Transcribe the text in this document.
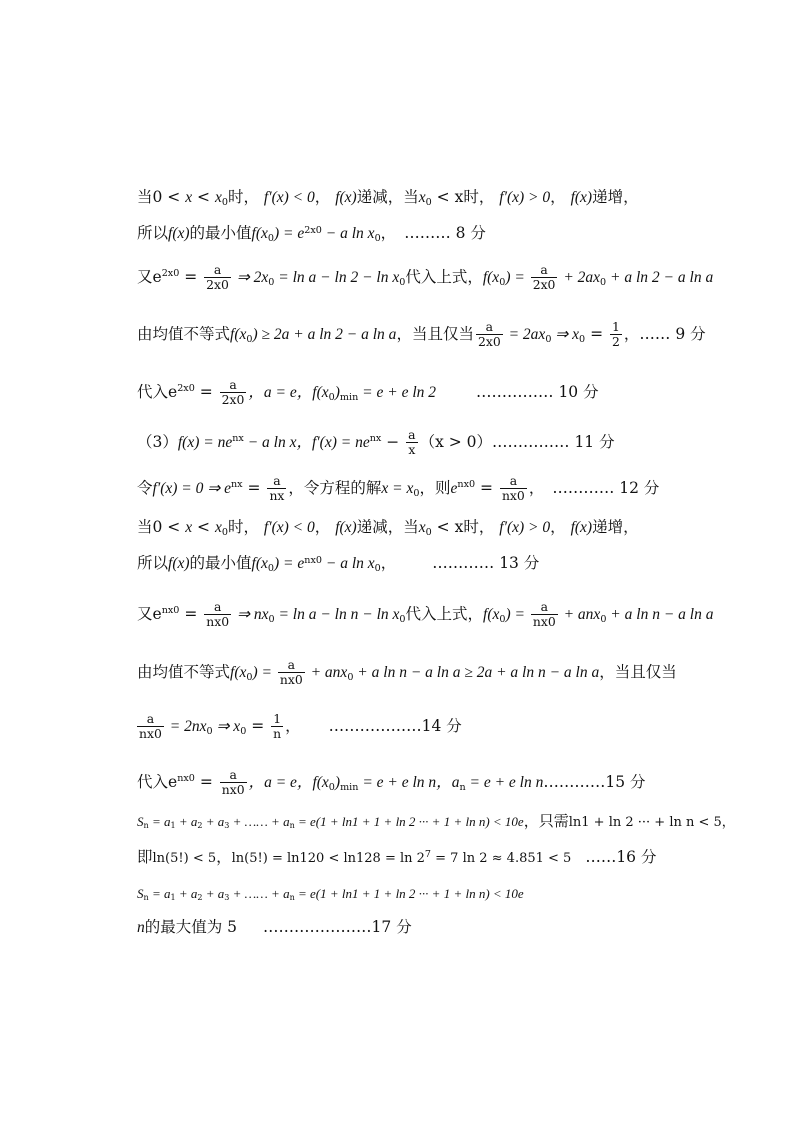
当0 < x < x0时， f′(x) < 0， f(x)递减，当x0 < x时， f′(x) > 0， f(x)递增，
所以f(x)的最小值$f(x0) = e^{2x0} - a$ ln x0， ……… 8 分
又$e^{2x0} = \frac{a}{2x0}$ ⇒ 2x0 = ln a − ln 2 − ln x0代入上式，$f(x0) = \frac{a}{2x0} + 2ax0 + a$ ln 2 − a ln a
由均值不等式f(x0) ≥ 2a + a ln 2 − a ln a，当且仅当 $\frac{a}{2x0} = 2ax0$ ⇒ $x0 = \frac{1}{2}$ ，…… 9 分
代入$e^{2x0} = \frac{a}{2x0}$ ，a = e，f(x0)min = e + e ln 2	…………… 10 分
$(3)f(x) = ne^{nx} - a$ ln x，$f'(x) = ne^{nx} - \frac{a}{x} (x$ > 0）…………… 11 分
令f′(x) = 0 ⇒ $e^{nx} = \frac{a}{nx}$ ，令方程的解x = x0，则$e^{nx0} = \frac{a}{nx0}$ ， ………… 12 分
当0 < x < x0时， f′(x) < 0， f(x)递减，当x0 < x时， f′(x) > 0， f(x)递增，
所以f(x)的最小值$f(x0) = e^{nx0} - a$ ln x0， ………… 13 分
又$e^{nx0} = \frac{a}{nx0}$ ⇒ nx0 = ln a − ln n − ln x0代入上式，$f(x0) = \frac{a}{nx0} + anx0 + a$ ln n − a ln a
由均值不等式$f(x0) = \frac{a}{nx0} + anx0 + a$ ln n − a ln a ≥ 2a + a ln n − a ln a，当且仅当
$\frac{a}{nx0} = 2nx0$ ⇒ $x0 = \frac{1}{n}$ ， ………………14 分
代入$e^{nx0} = \frac{a}{nx0}$ ，a = e，f(x0)min = e + e ln n，an = e + e ln n…………15 分
Sn = a1 + a2 + a3 + …… + an = e(1 + ln1 + 1 + ln 2 ··· + 1 + ln n) < 10e，只需ln1 + ln 2 ··· + ln n < 5，
即ln(5!) < 5，$\ln(5!) = \ln 120 < \ln 128 = \ln 2^7 = 7$ ln 2 ≈ 4.851 < 5 ……16 分
Sn = a1 + a2 + a3 + …… + an = e(1 + ln1 + 1 + ln 2 ··· + 1 + ln n) < 10e
n的最大值为 5 …………………17 分
